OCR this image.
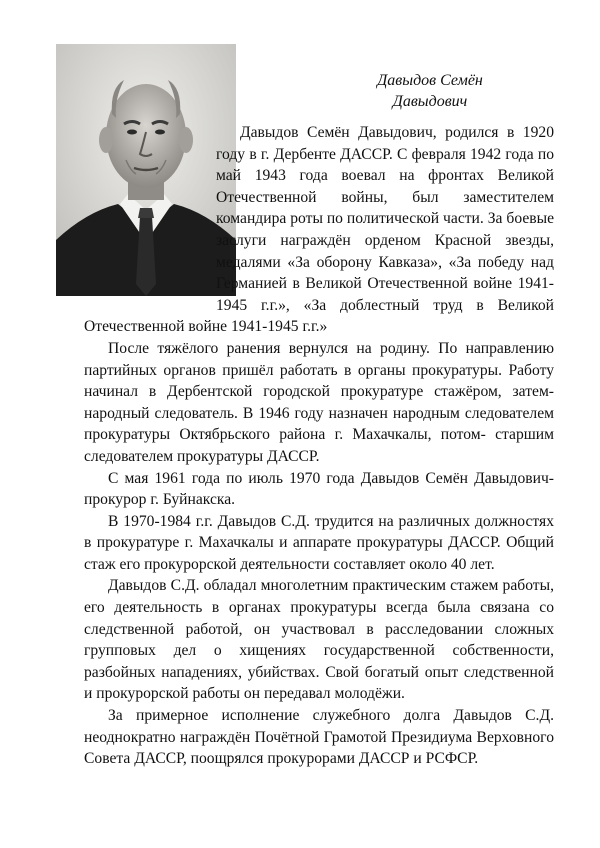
Давыдов Семён
Давыдович

Давыдов Семён Давыдович, родился в 1920 году в г. Дербенте ДАССР. С февраля 1942 года по май 1943 года воевал на фронтах Великой Отечественной войны, был заместителем командира роты по политической части. За боевые заслуги награждён орденом Красной звезды, медалями «За оборону Кавказа», «За победу над Германией в Великой Отечественной войне 1941-1945 г.г.», «За доблестный труд в Великой Отечественной войне 1941-1945 г.г.»

После тяжёлого ранения вернулся на родину. По направлению партийных органов пришёл работать в органы прокуратуры. Работу начинал в Дербентской городской прокуратуре стажёром, затем- народный следователь. В 1946 году назначен народным следователем прокуратуры Октябрьского района г. Махачкалы, потом- старшим следователем прокуратуры ДАССР.

С мая 1961 года по июль 1970 года Давыдов Семён Давыдович- прокурор г. Буйнакска.

В 1970-1984 г.г. Давыдов С.Д. трудится на различных должностях в прокуратуре г. Махачкалы и аппарате прокуратуры ДАССР. Общий стаж его прокурорской деятельности составляет около 40 лет.

Давыдов С.Д. обладал многолетним практическим стажем работы, его деятельность в органах прокуратуры всегда была связана со следственной работой, он участвовал в расследовании сложных групповых дел о хищениях государственной собственности, разбойных нападениях, убийствах. Свой богатый опыт следственной и прокурорской работы он передавал молодёжи.

За примерное исполнение служебного долга Давыдов С.Д. неоднократно награждён Почётной Грамотой Президиума Верховного Совета ДАССР, поощрялся прокурорами ДАССР и РСФСР.
